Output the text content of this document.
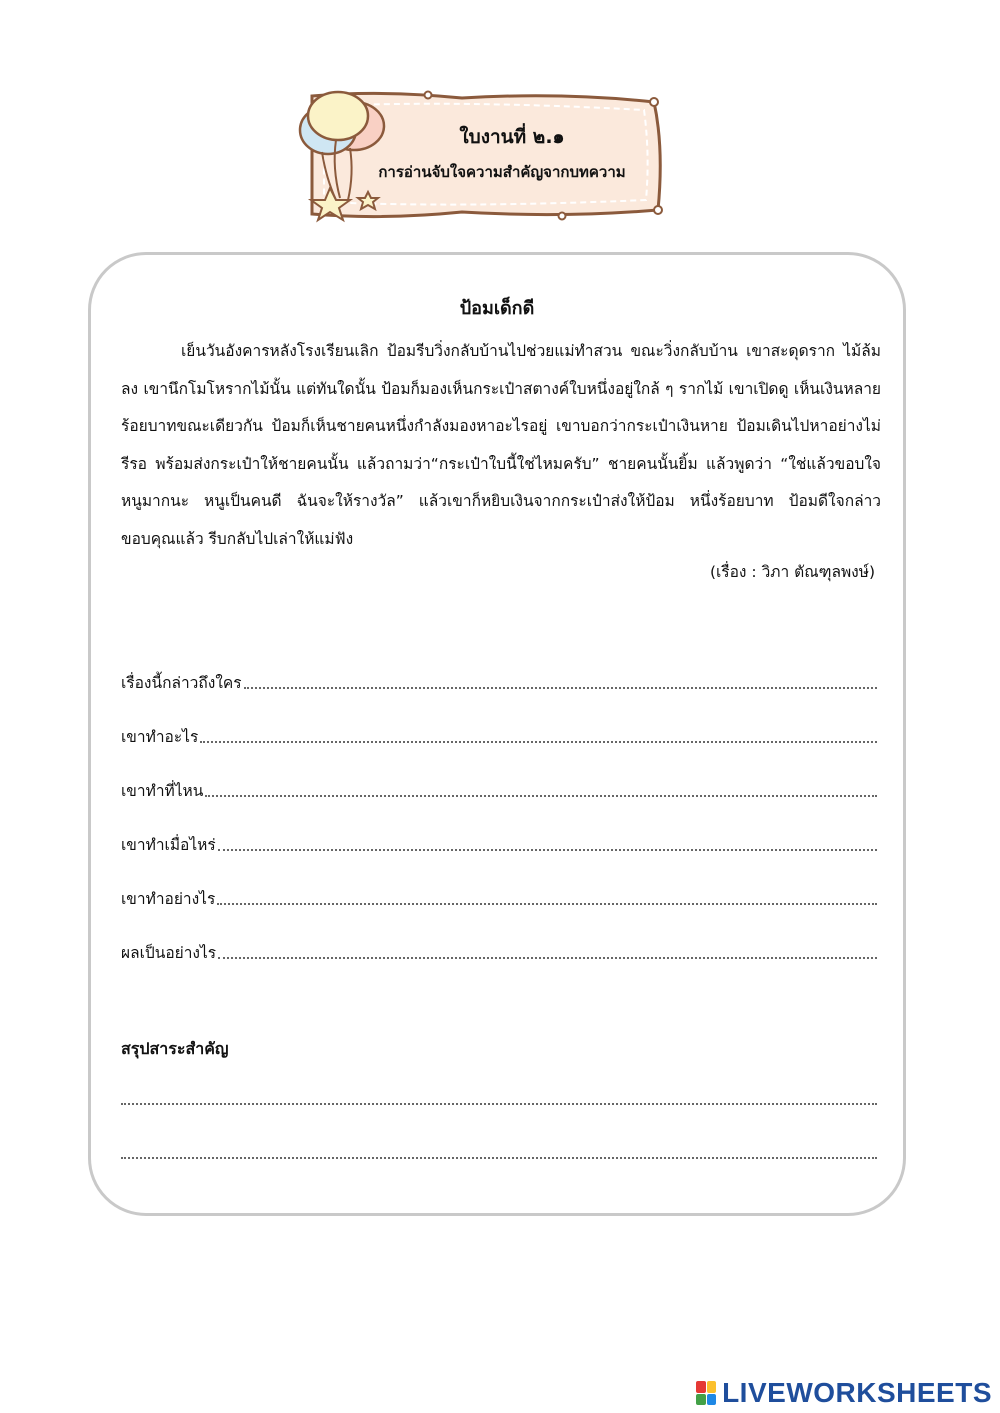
ใบงานที่ ๒.๑
การอ่านจับใจความสำคัญจากบทความ
ป้อมเด็กดี
เย็นวันอังคารหลังโรงเรียนเลิก ป้อมรีบวิ่งกลับบ้านไปช่วยแม่ทำสวน ขณะวิ่งกลับบ้าน เขาสะดุดราก ไม้ล้มลง เขานึกโมโหรากไม้นั้น แต่ทันใดนั้น ป้อมก็มองเห็นกระเป๋าสตางค์ใบหนึ่งอยู่ใกล้ ๆ รากไม้ เขาเปิดดู เห็นเงินหลายร้อยบาทขณะเดียวกัน ป้อมก็เห็นชายคนหนึ่งกำลังมองหาอะไรอยู่ เขาบอกว่ากระเป๋าเงินหาย ป้อมเดินไปหาอย่างไม่รีรอ พร้อมส่งกระเป๋าให้ชายคนนั้น แล้วถามว่า“กระเป๋าใบนี้ใช่ไหมครับ” ชายคนนั้นยิ้ม แล้วพูดว่า “ใช่แล้วขอบใจหนูมากนะ หนูเป็นคนดี ฉันจะให้รางวัล” แล้วเขาก็หยิบเงินจากกระเป๋าส่งให้ป้อม หนึ่งร้อยบาท ป้อมดีใจกล่าวขอบคุณแล้ว รีบกลับไปเล่าให้แม่ฟัง
(เรื่อง : วิภา ตัณฑุลพงษ์)
เรื่องนี้กล่าวถึงใคร
เขาทำอะไร
เขาทำที่ไหน
เขาทำเมื่อไหร่
เขาทำอย่างไร
ผลเป็นอย่างไร
สรุปสาระสำคัญ
LIVEWORKSHEETS
